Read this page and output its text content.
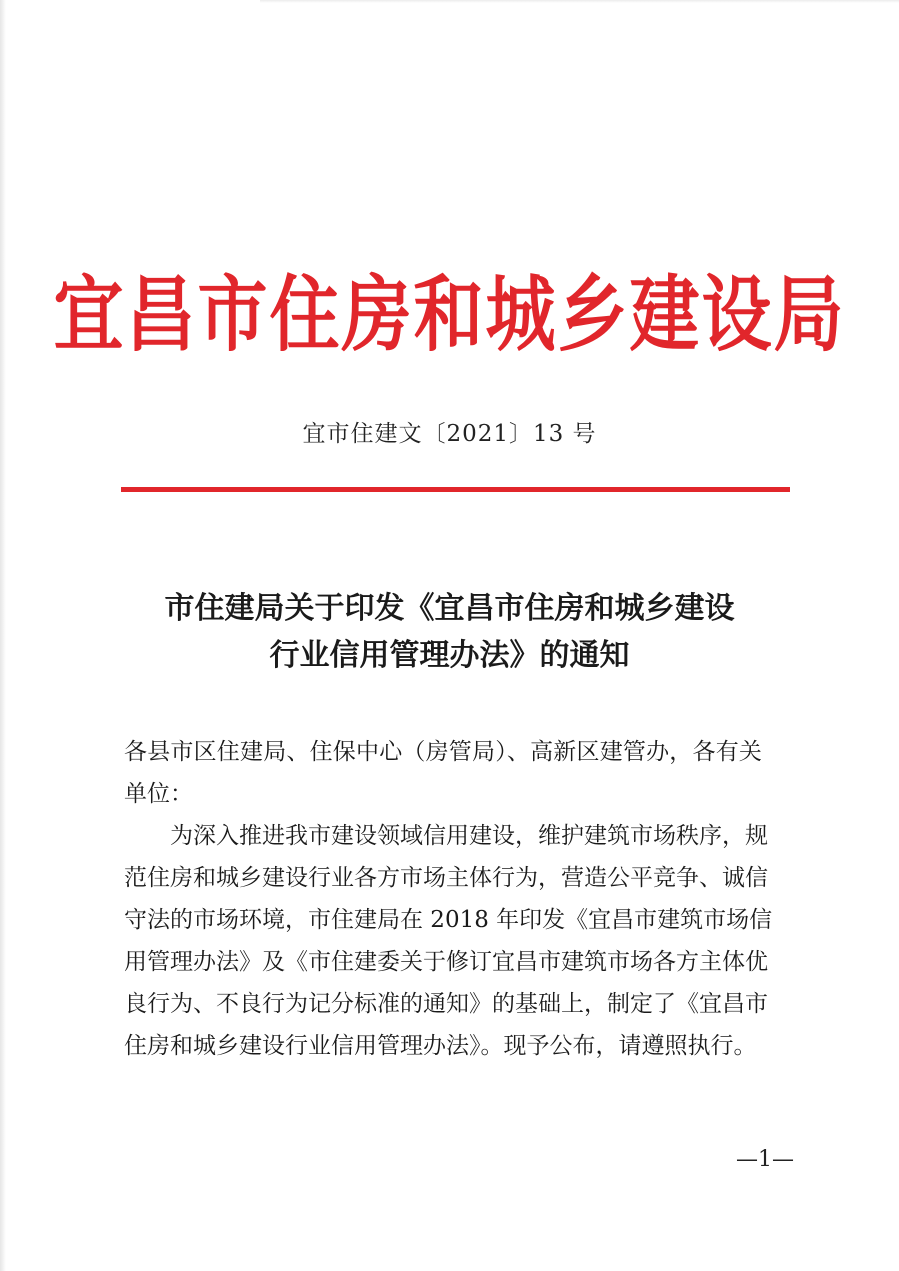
宜昌市住房和城乡建设局
宜市住建文〔2021〕13 号
市住建局关于印发《宜昌市住房和城乡建设
行业信用管理办法》的通知

各县市区住建局、住保中心（房管局）、高新区建管办，各有关

单位：

为深入推进我市建设领域信用建设，维护建筑市场秩序，规

范住房和城乡建设行业各方市场主体行为，营造公平竞争、诚信

守法的市场环境，市住建局在 2018 年印发《宜昌市建筑市场信

用管理办法》及《市住建委关于修订宜昌市建筑市场各方主体优

良行为、不良行为记分标准的通知》的基础上，制定了《宜昌市

住房和城乡建设行业信用管理办法》。现予公布，请遵照执行。

—1—
